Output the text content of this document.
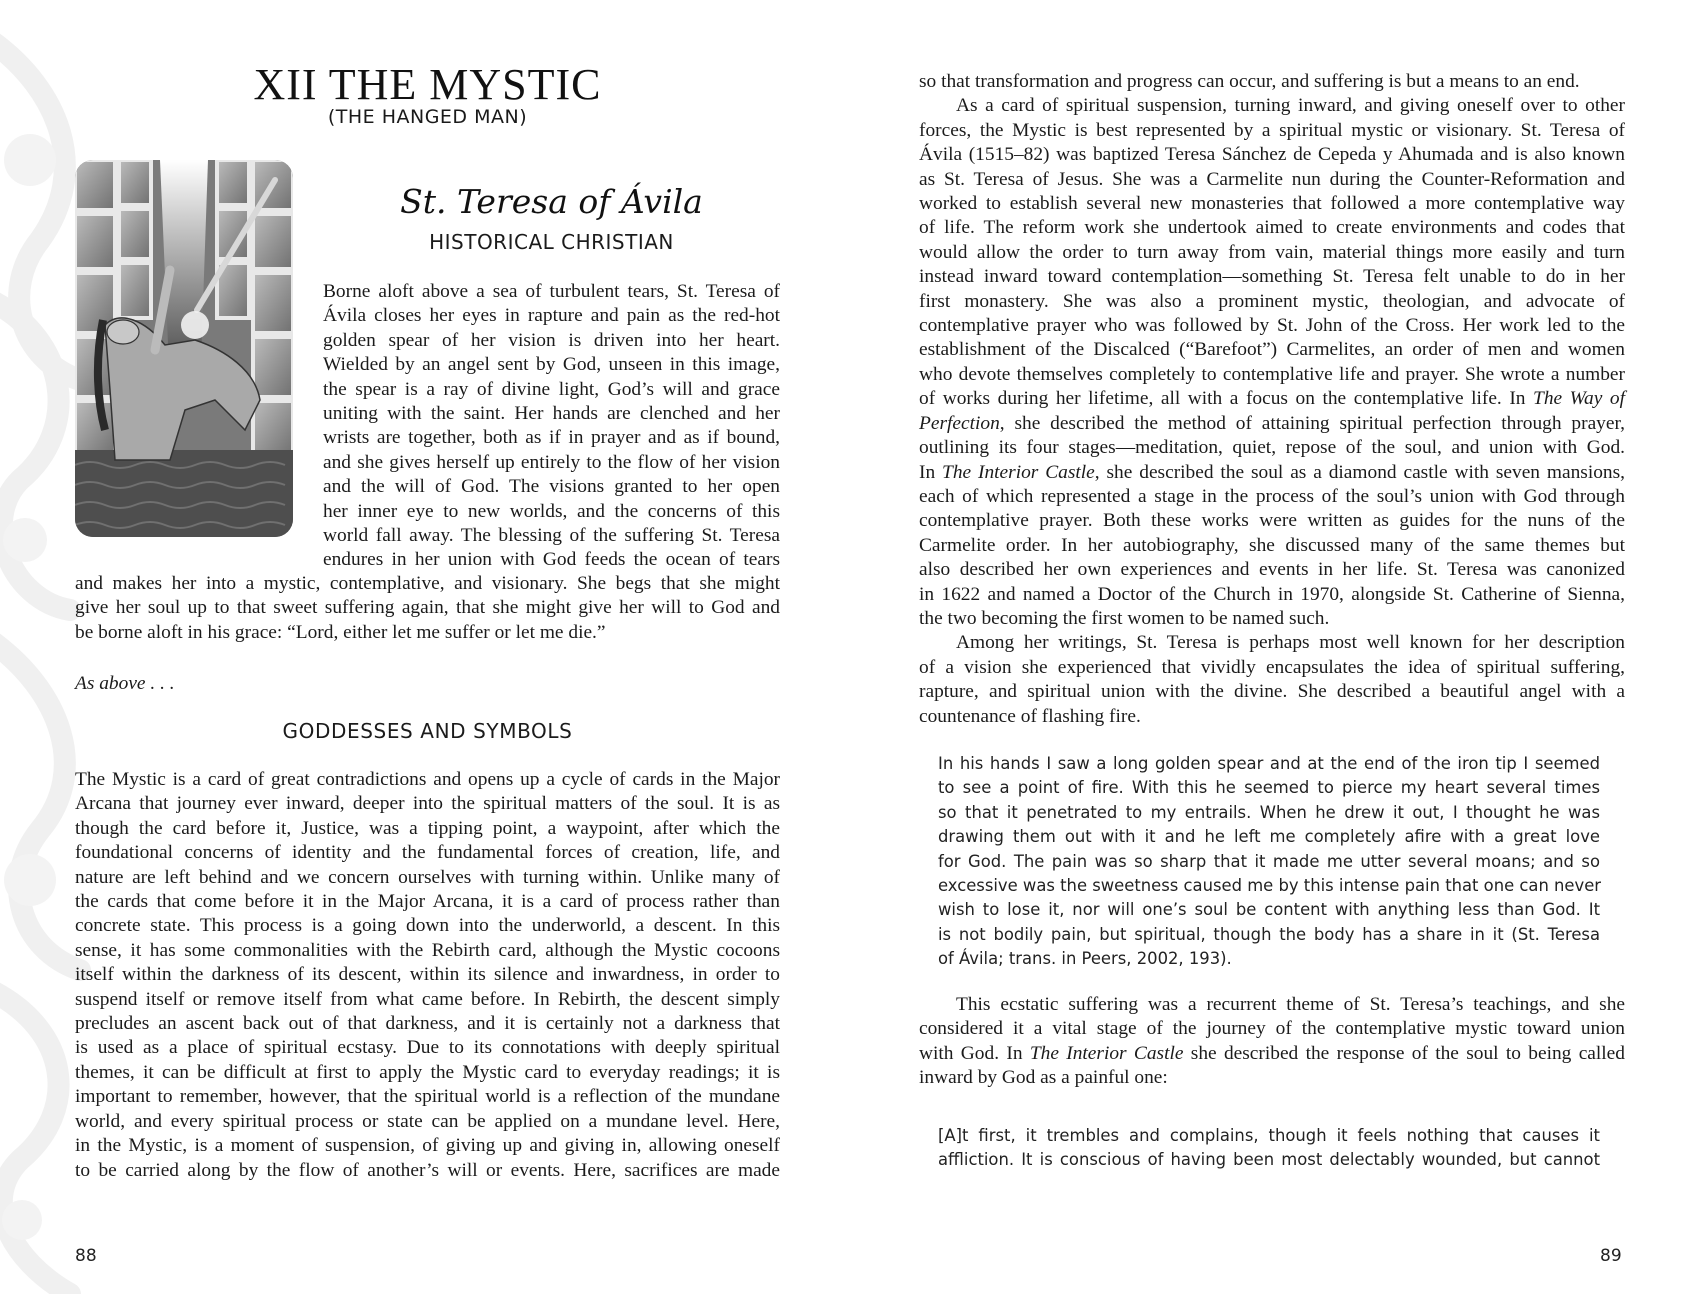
XII THE MYSTIC
(THE HANGED MAN)
St. Teresa of Ávila
HISTORICAL CHRISTIAN
Borne aloft above a sea of turbulent tears, St. Teresa of
Ávila closes her eyes in rapture and pain as the red-hot
golden spear of her vision is driven into her heart.
Wielded by an angel sent by God, unseen in this image,
the spear is a ray of divine light, God’s will and grace
uniting with the saint. Her hands are clenched and her
wrists are together, both as if in prayer and as if bound,
and she gives herself up entirely to the flow of her vision
and the will of God. The visions granted to her open
her inner eye to new worlds, and the concerns of this
world fall away. The blessing of the suffering St. Teresa
endures in her union with God feeds the ocean of tears
and makes her into a mystic, contemplative, and visionary. She begs that she might
give her soul up to that sweet suffering again, that she might give her will to God and
be borne aloft in his grace: “Lord, either let me suffer or let me die.”
As above . . .
GODDESSES AND SYMBOLS
The Mystic is a card of great contradictions and opens up a cycle of cards in the Major
Arcana that journey ever inward, deeper into the spiritual matters of the soul. It is as
though the card before it, Justice, was a tipping point, a waypoint, after which the
foundational concerns of identity and the fundamental forces of creation, life, and
nature are left behind and we concern ourselves with turning within. Unlike many of
the cards that come before it in the Major Arcana, it is a card of process rather than
concrete state. This process is a going down into the underworld, a descent. In this
sense, it has some commonalities with the Rebirth card, although the Mystic cocoons
itself within the darkness of its descent, within its silence and inwardness, in order to
suspend itself or remove itself from what came before. In Rebirth, the descent simply
precludes an ascent back out of that darkness, and it is certainly not a darkness that
is used as a place of spiritual ecstasy. Due to its connotations with deeply spiritual
themes, it can be difficult at first to apply the Mystic card to everyday readings; it is
important to remember, however, that the spiritual world is a reflection of the mundane
world, and every spiritual process or state can be applied on a mundane level. Here,
in the Mystic, is a moment of suspension, of giving up and giving in, allowing oneself
to be carried along by the flow of another’s will or events. Here, sacrifices are made
88
so that transformation and progress can occur, and suffering is but a means to an end.
As a card of spiritual suspension, turning inward, and giving oneself over to other
forces, the Mystic is best represented by a spiritual mystic or visionary. St. Teresa of
Ávila (1515–82) was baptized Teresa Sánchez de Cepeda y Ahumada and is also known
as St. Teresa of Jesus. She was a Carmelite nun during the Counter-Reformation and
worked to establish several new monasteries that followed a more contemplative way
of life. The reform work she undertook aimed to create environments and codes that
would allow the order to turn away from vain, material things more easily and turn
instead inward toward contemplation—something St. Teresa felt unable to do in her
first monastery. She was also a prominent mystic, theologian, and advocate of
contemplative prayer who was followed by St. John of the Cross. Her work led to the
establishment of the Discalced (“Barefoot”) Carmelites, an order of men and women
who devote themselves completely to contemplative life and prayer. She wrote a number
of works during her lifetime, all with a focus on the contemplative life. In The Way of
Perfection, she described the method of attaining spiritual perfection through prayer,
outlining its four stages—meditation, quiet, repose of the soul, and union with God.
In The Interior Castle, she described the soul as a diamond castle with seven mansions,
each of which represented a stage in the process of the soul’s union with God through
contemplative prayer. Both these works were written as guides for the nuns of the
Carmelite order. In her autobiography, she discussed many of the same themes but
also described her own experiences and events in her life. St. Teresa was canonized
in 1622 and named a Doctor of the Church in 1970, alongside St. Catherine of Sienna,
the two becoming the first women to be named such.
Among her writings, St. Teresa is perhaps most well known for her description
of a vision she experienced that vividly encapsulates the idea of spiritual suffering,
rapture, and spiritual union with the divine. She described a beautiful angel with a
countenance of flashing fire.
In his hands I saw a long golden spear and at the end of the iron tip I seemed
to see a point of fire. With this he seemed to pierce my heart several times
so that it penetrated to my entrails. When he drew it out, I thought he was
drawing them out with it and he left me completely afire with a great love
for God. The pain was so sharp that it made me utter several moans; and so
excessive was the sweetness caused me by this intense pain that one can never
wish to lose it, nor will one’s soul be content with anything less than God. It
is not bodily pain, but spiritual, though the body has a share in it (St. Teresa
of Ávila; trans. in Peers, 2002, 193).
This ecstatic suffering was a recurrent theme of St. Teresa’s teachings, and she
considered it a vital stage of the journey of the contemplative mystic toward union
with God. In The Interior Castle she described the response of the soul to being called
inward by God as a painful one:
[A]t first, it trembles and complains, though it feels nothing that causes it
affliction. It is conscious of having been most delectably wounded, but cannot
89
